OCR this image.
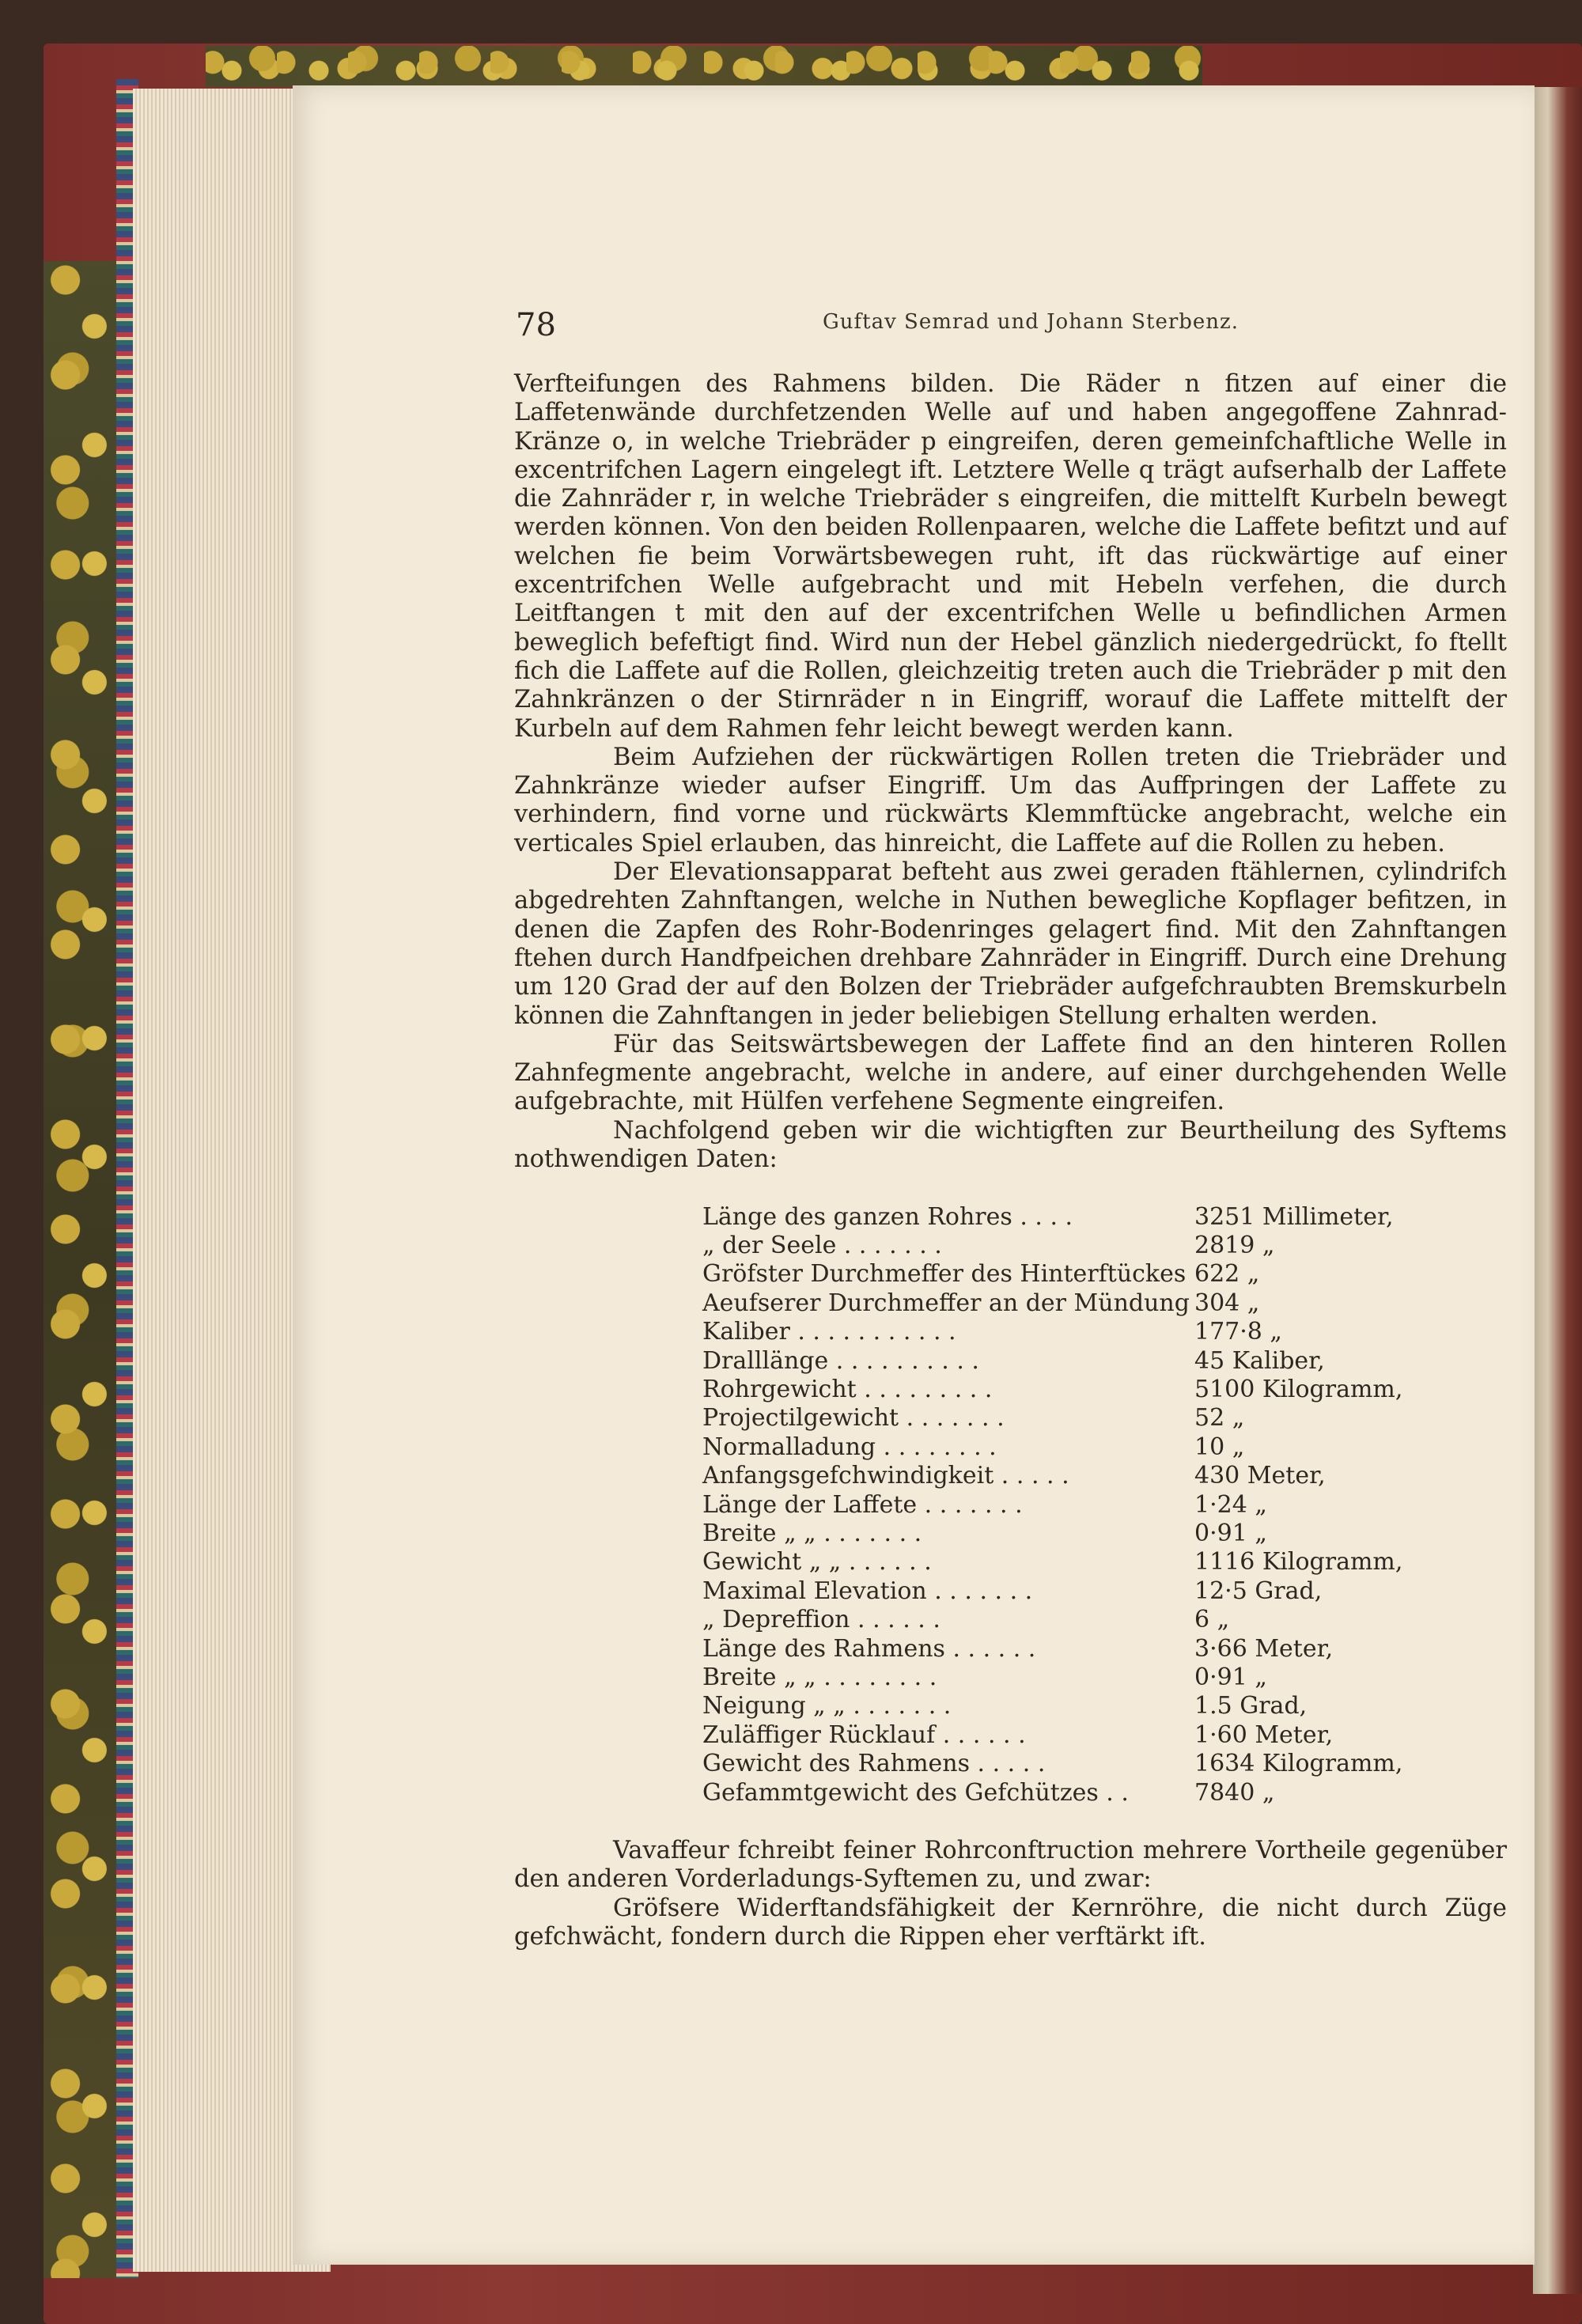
78	Guftav Semrad und Johann Sterbenz.

Verfteifungen des Rahmens bilden. Die Räder n fitzen auf einer die Laffetenwände durchfetzenden Welle auf und haben angegoffene Zahnrad-Kränze o, in welche Triebräder p eingreifen, deren gemeinfchaftliche Welle in excentrifchen Lagern eingelegt ift. Letztere Welle q trägt aufserhalb der Laffete die Zahnräder r, in welche Triebräder s eingreifen, die mittelft Kurbeln bewegt werden können. Von den beiden Rollenpaaren, welche die Laffete befitzt und auf welchen fie beim Vorwärtsbewegen ruht, ift das rückwärtige auf einer excentrifchen Welle aufgebracht und mit Hebeln verfehen, die durch Leitftangen t mit den auf der excentrifchen Welle u befindlichen Armen beweglich befeftigt find. Wird nun der Hebel gänzlich niedergedrückt, fo ftellt fich die Laffete auf die Rollen, gleichzeitig treten auch die Triebräder p mit den Zahnkränzen o der Stirnräder n in Eingriff, worauf die Laffete mittelft der Kurbeln auf dem Rahmen fehr leicht bewegt werden kann.

Beim Aufziehen der rückwärtigen Rollen treten die Triebräder und Zahnkränze wieder aufser Eingriff. Um das Auffpringen der Laffete zu verhindern, find vorne und rückwärts Klemmftücke angebracht, welche ein verticales Spiel erlauben, das hinreicht, die Laffete auf die Rollen zu heben.

Der Elevationsapparat befteht aus zwei geraden ftählernen, cylindrifch abgedrehten Zahnftangen, welche in Nuthen bewegliche Kopflager befitzen, in denen die Zapfen des Rohr-Bodenringes gelagert find. Mit den Zahnftangen ftehen durch Handfpeichen drehbare Zahnräder in Eingriff. Durch eine Drehung um 120 Grad der auf den Bolzen der Triebräder aufgefchraubten Bremskurbeln können die Zahnftangen in jeder beliebigen Stellung erhalten werden.

Für das Seitswärtsbewegen der Laffete find an den hinteren Rollen Zahnfegmente angebracht, welche in andere, auf einer durchgehenden Welle aufgebrachte, mit Hülfen verfehene Segmente eingreifen.

Nachfolgend geben wir die wichtigften zur Beurtheilung des Syftems nothwendigen Daten:

Länge des ganzen Rohres . . . .	3251 Millimeter,
„ der Seele . . . . . . .	2819 „
Gröfster Durchmeffer des Hinterftückes	622 „
Aeufserer Durchmeffer an der Mündung	304 „
Kaliber . . . . . . . . . . .	177·8 „
Dralllänge . . . . . . . . . .	45 Kaliber,
Rohrgewicht . . . . . . . . .	5100 Kilogramm,
Projectilgewicht . . . . . . .	52 „
Normalladung . . . . . . . .	10 „
Anfangsgefchwindigkeit . . . . .	430 Meter,
Länge der Laffete . . . . . . .	1·24 „
Breite „ „ . . . . . . .	0·91 „
Gewicht „ „ . . . . . .	1116 Kilogramm,
Maximal Elevation . . . . . . .	12·5 Grad,
„ Depreffion . . . . . .	6 „
Länge des Rahmens . . . . . .	3·66 Meter,
Breite „ „ . . . . . . . .	0·91 „
Neigung „ „ . . . . . . .	1.5 Grad,
Zuläffiger Rücklauf . . . . . .	1·60 Meter,
Gewicht des Rahmens . . . . .	1634 Kilogramm,
Gefammtgewicht des Gefchützes . .	7840 „

Vavaffeur fchreibt feiner Rohrconftruction mehrere Vortheile gegenüber den anderen Vorderladungs-Syftemen zu, und zwar:

Gröfsere Widerftandsfähigkeit der Kernröhre, die nicht durch Züge gefchwächt, fondern durch die Rippen eher verftärkt ift.
